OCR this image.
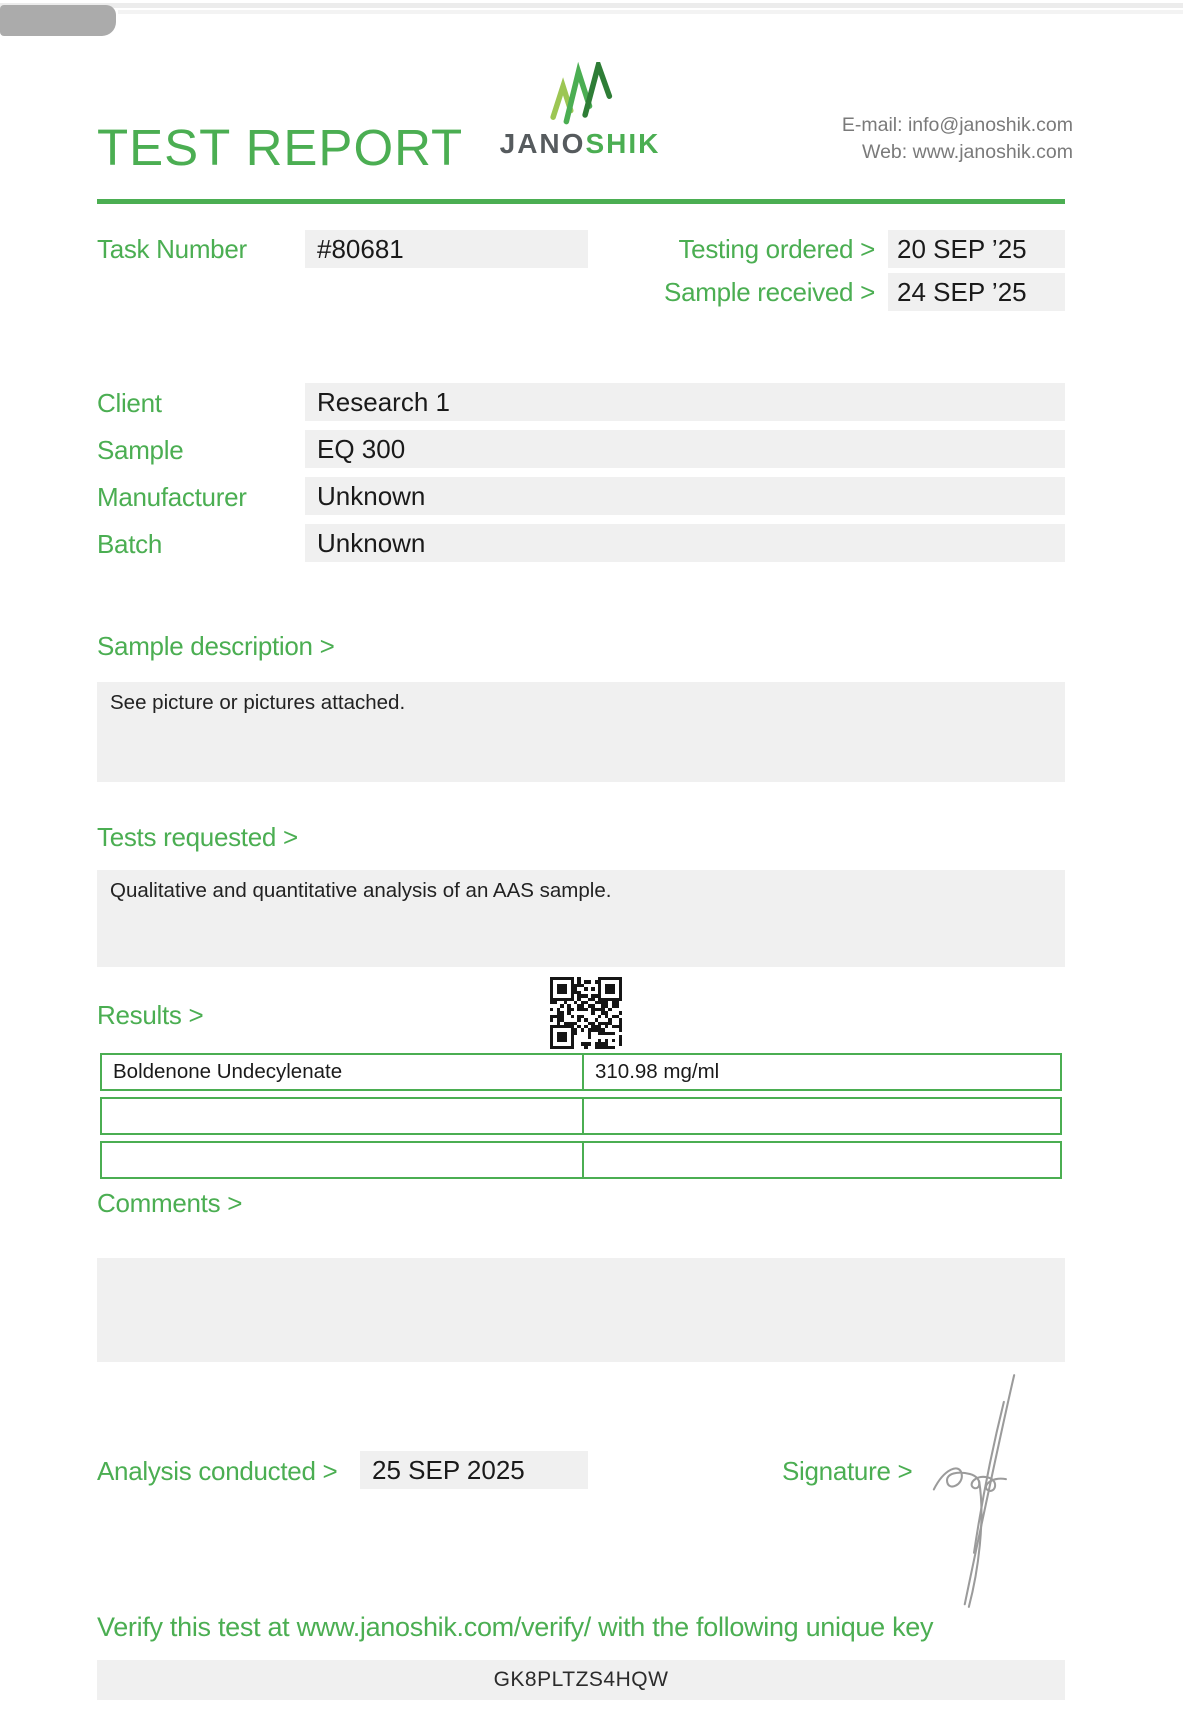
TEST REPORT	JANOSHIK
E-mail: info@janoshik.com
Web: www.janoshik.com
Task Number	#80681	Testing ordered > 20 SEP ’25
Sample received > 24 SEP ’25
Client	Research 1
Sample	EQ 300
Manufacturer	Unknown
Batch	Unknown
Sample description >
See picture or pictures attached.
Tests requested >
Qualitative and quantitative analysis of an AAS sample.
Results >
Boldenone Undecylenate	310.98 mg/ml
Comments >
Analysis conducted >	25 SEP 2025	Signature >
Verify this test at www.janoshik.com/verify/ with the following unique key
GK8PLTZS4HQW
